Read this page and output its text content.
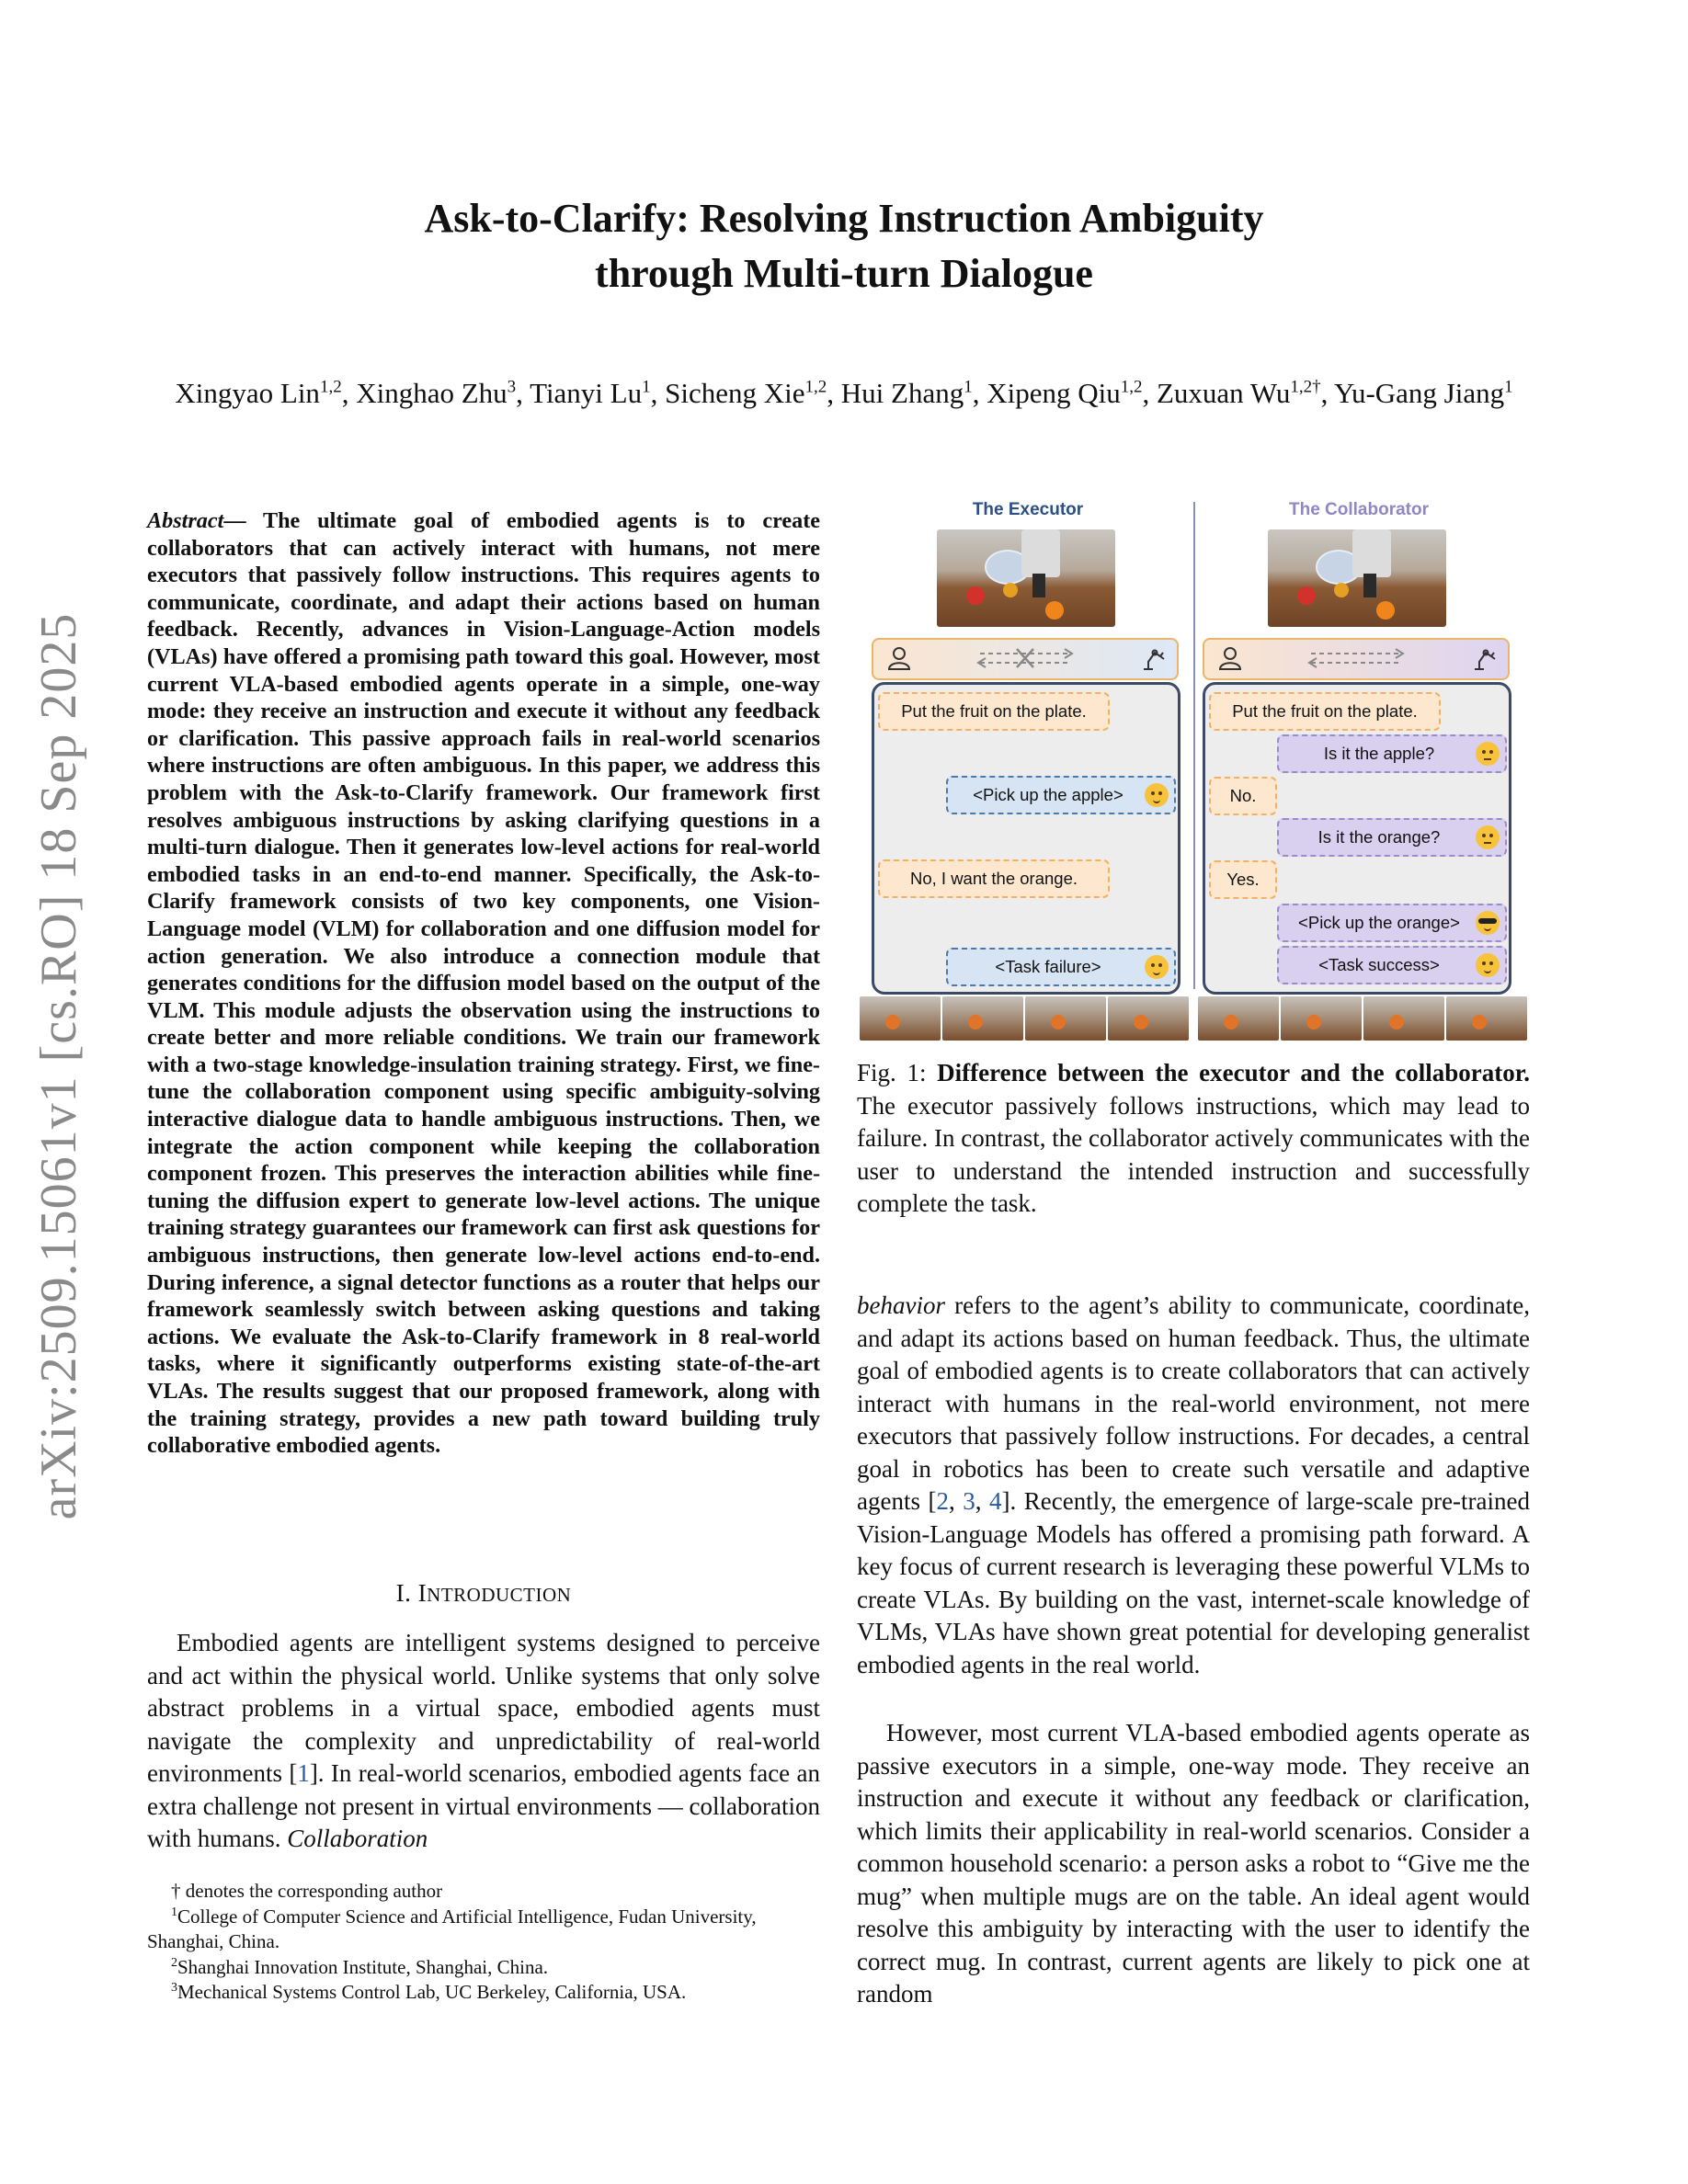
arXiv:2509.15061v1 [cs.RO] 18 Sep 2025
Ask-to-Clarify: Resolving Instruction Ambiguity
through Multi-turn Dialogue
Xingyao Lin$^{1,2}$, Xinghao Zhu$^3$, Tianyi Lu$^1$, Sicheng Xie$^{1,2}$, Hui Zhang$^1$, Xipeng Qiu$^{1,2}$, Zuxuan $Wu^{1,2\dagger}$, Yu-Gang Jiang$^1$
Abstract— The ultimate goal of embodied agents is to create collaborators that can actively interact with humans, not mere executors that passively follow instructions. This requires agents to communicate, coordinate, and adapt their actions based on human feedback. Recently, advances in Vision-Language-Action models (VLAs) have offered a promising path toward this goal. However, most current VLA-based embodied agents operate in a simple, one-way mode: they receive an instruction and execute it without any feedback or clarification. This passive approach fails in real-world scenarios where instructions are often ambiguous. In this paper, we address this problem with the Ask-to-Clarify framework. Our framework first resolves ambiguous instructions by asking clarifying questions in a multi-turn dialogue. Then it generates low-level actions for real-world embodied tasks in an end-to-end manner. Specifically, the Ask-to-Clarify framework consists of two key components, one Vision-Language model (VLM) for collaboration and one diffusion model for action generation. We also introduce a connection module that generates conditions for the diffusion model based on the output of the VLM. This module adjusts the observation using the instructions to create better and more reliable conditions. We train our framework with a two-stage knowledge-insulation training strategy. First, we fine-tune the collaboration component using specific ambiguity-solving interactive dialogue data to handle ambiguous instructions. Then, we integrate the action component while keeping the collaboration component frozen. This preserves the interaction abilities while fine-tuning the diffusion expert to generate low-level actions. The unique training strategy guarantees our framework can first ask questions for ambiguous instructions, then generate low-level actions end-to-end. During inference, a signal detector functions as a router that helps our framework seamlessly switch between asking questions and taking actions. We evaluate the Ask-to-Clarify framework in 8 real-world tasks, where it significantly outperforms existing state-of-the-art VLAs. The results suggest that our proposed framework, along with the training strategy, provides a new path toward building truly collaborative embodied agents.
I. INTRODUCTION
Embodied agents are intelligent systems designed to perceive and act within the physical world. Unlike systems that only solve abstract problems in a virtual space, embodied agents must navigate the complexity and unpredictability of real-world environments [1]. In real-world scenarios, embodied agents face an extra challenge not present in virtual environments — collaboration with humans. Collaboration
† denotes the corresponding author
$^1$College of Computer Science and Artificial Intelligence, Fudan University, Shanghai, China.
$^2$Shanghai Innovation Institute, Shanghai, China.
$^3$Mechanical Systems Control Lab, UC Berkeley, California, USA.
The Executor	The Collaborator
Put the fruit on the plate.
<Pick up the apple>
No, I want the orange.
<Task failure>
Put the fruit on the plate.
Is it the apple?
No.
Is it the orange?
Yes.
<Pick up the orange>
<Task success>
Fig. 1: Difference between the executor and the collaborator. The executor passively follows instructions, which may lead to failure. In contrast, the collaborator actively communicates with the user to understand the intended instruction and successfully complete the task.
behavior refers to the agent’s ability to communicate, coordinate, and adapt its actions based on human feedback. Thus, the ultimate goal of embodied agents is to create collaborators that can actively interact with humans in the real-world environment, not mere executors that passively follow instructions. For decades, a central goal in robotics has been to create such versatile and adaptive agents [2, 3, 4]. Recently, the emergence of large-scale pre-trained Vision-Language Models has offered a promising path forward. A key focus of current research is leveraging these powerful VLMs to create VLAs. By building on the vast, internet-scale knowledge of VLMs, VLAs have shown great potential for developing generalist embodied agents in the real world.
However, most current VLA-based embodied agents operate as passive executors in a simple, one-way mode. They receive an instruction and execute it without any feedback or clarification, which limits their applicability in real-world scenarios. Consider a common household scenario: a person asks a robot to “Give me the mug” when multiple mugs are on the table. An ideal agent would resolve this ambiguity by interacting with the user to identify the correct mug. In contrast, current agents are likely to pick one at random
